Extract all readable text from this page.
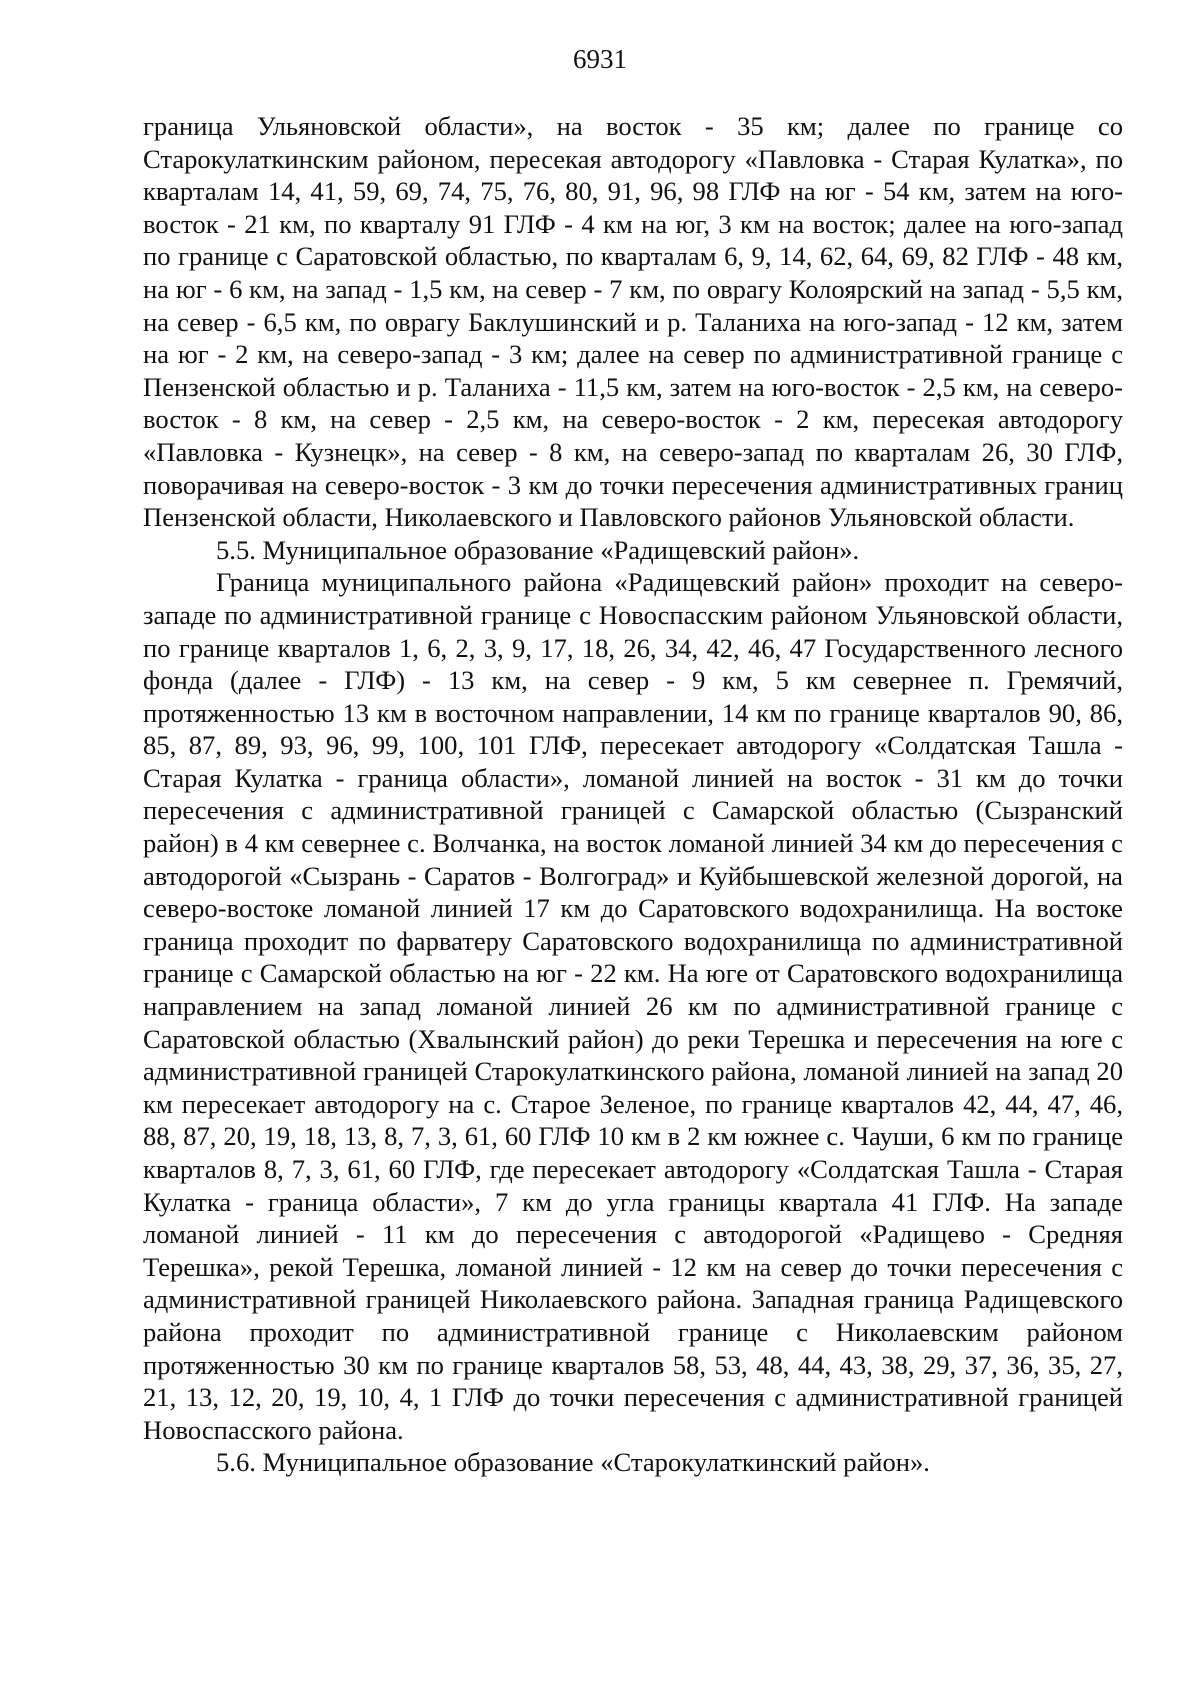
6931

граница Ульяновской области», на восток - 35 км; далее по границе со Старокулаткинским районом, пересекая автодорогу «Павловка - Старая Кулатка», по кварталам 14, 41, 59, 69, 74, 75, 76, 80, 91, 96, 98 ГЛФ на юг - 54 км, затем на юго-восток - 21 км, по кварталу 91 ГЛФ - 4 км на юг, 3 км на восток; далее на юго-запад по границе с Саратовской областью, по кварталам 6, 9, 14, 62, 64, 69, 82 ГЛФ - 48 км, на юг - 6 км, на запад - 1,5 км, на север - 7 км, по оврагу Колоярский на запад - 5,5 км, на север - 6,5 км, по оврагу Баклушинский и р. Таланиха на юго-запад - 12 км, затем на юг - 2 км, на северо-запад - 3 км; далее на север по административной границе с Пензенской областью и р. Таланиха - 11,5 км, затем на юго-восток - 2,5 км, на северо-восток - 8 км, на север - 2,5 км, на северо-восток - 2 км, пересекая автодорогу «Павловка - Кузнецк», на север - 8 км, на северо-запад по кварталам 26, 30 ГЛФ, поворачивая на северо-восток - 3 км до точки пересечения административных границ Пензенской области, Николаевского и Павловского районов Ульяновской области.

5.5. Муниципальное образование «Радищевский район».

Граница муниципального района «Радищевский район» проходит на северо-западе по административной границе с Новоспасским районом Ульяновской области, по границе кварталов 1, 6, 2, 3, 9, 17, 18, 26, 34, 42, 46, 47 Государственного лесного фонда (далее - ГЛФ) - 13 км, на север - 9 км, 5 км севернее п. Гремячий, протяженностью 13 км в восточном направлении, 14 км по границе кварталов 90, 86, 85, 87, 89, 93, 96, 99, 100, 101 ГЛФ, пересекает автодорогу «Солдатская Ташла - Старая Кулатка - граница области», ломаной линией на восток - 31 км до точки пересечения с административной границей с Самарской областью (Сызранский район) в 4 км севернее с. Волчанка, на восток ломаной линией 34 км до пересечения с автодорогой «Сызрань - Саратов - Волгоград» и Куйбышевской железной дорогой, на северо-востоке ломаной линией 17 км до Саратовского водохранилища. На востоке граница проходит по фарватеру Саратовского водохранилища по административной границе с Самарской областью на юг - 22 км. На юге от Саратовского водохранилища направлением на запад ломаной линией 26 км по административной границе с Саратовской областью (Хвалынский район) до реки Терешка и пересечения на юге с административной границей Старокулаткинского района, ломаной линией на запад 20 км пересекает автодорогу на с. Старое Зеленое, по границе кварталов 42, 44, 47, 46, 88, 87, 20, 19, 18, 13, 8, 7, 3, 61, 60 ГЛФ 10 км в 2 км южнее с. Чауши, 6 км по границе кварталов 8, 7, 3, 61, 60 ГЛФ, где пересекает автодорогу «Солдатская Ташла - Старая Кулатка - граница области», 7 км до угла границы квартала 41 ГЛФ. На западе ломаной линией - 11 км до пересечения с автодорогой «Радищево - Средняя Терешка», рекой Терешка, ломаной линией - 12 км на север до точки пересечения с административной границей Николаевского района. Западная граница Радищевского района проходит по административной границе с Николаевским районом протяженностью 30 км по границе кварталов 58, 53, 48, 44, 43, 38, 29, 37, 36, 35, 27, 21, 13, 12, 20, 19, 10, 4, 1 ГЛФ до точки пересечения с административной границей Новоспасского района.

5.6. Муниципальное образование «Старокулаткинский район».
